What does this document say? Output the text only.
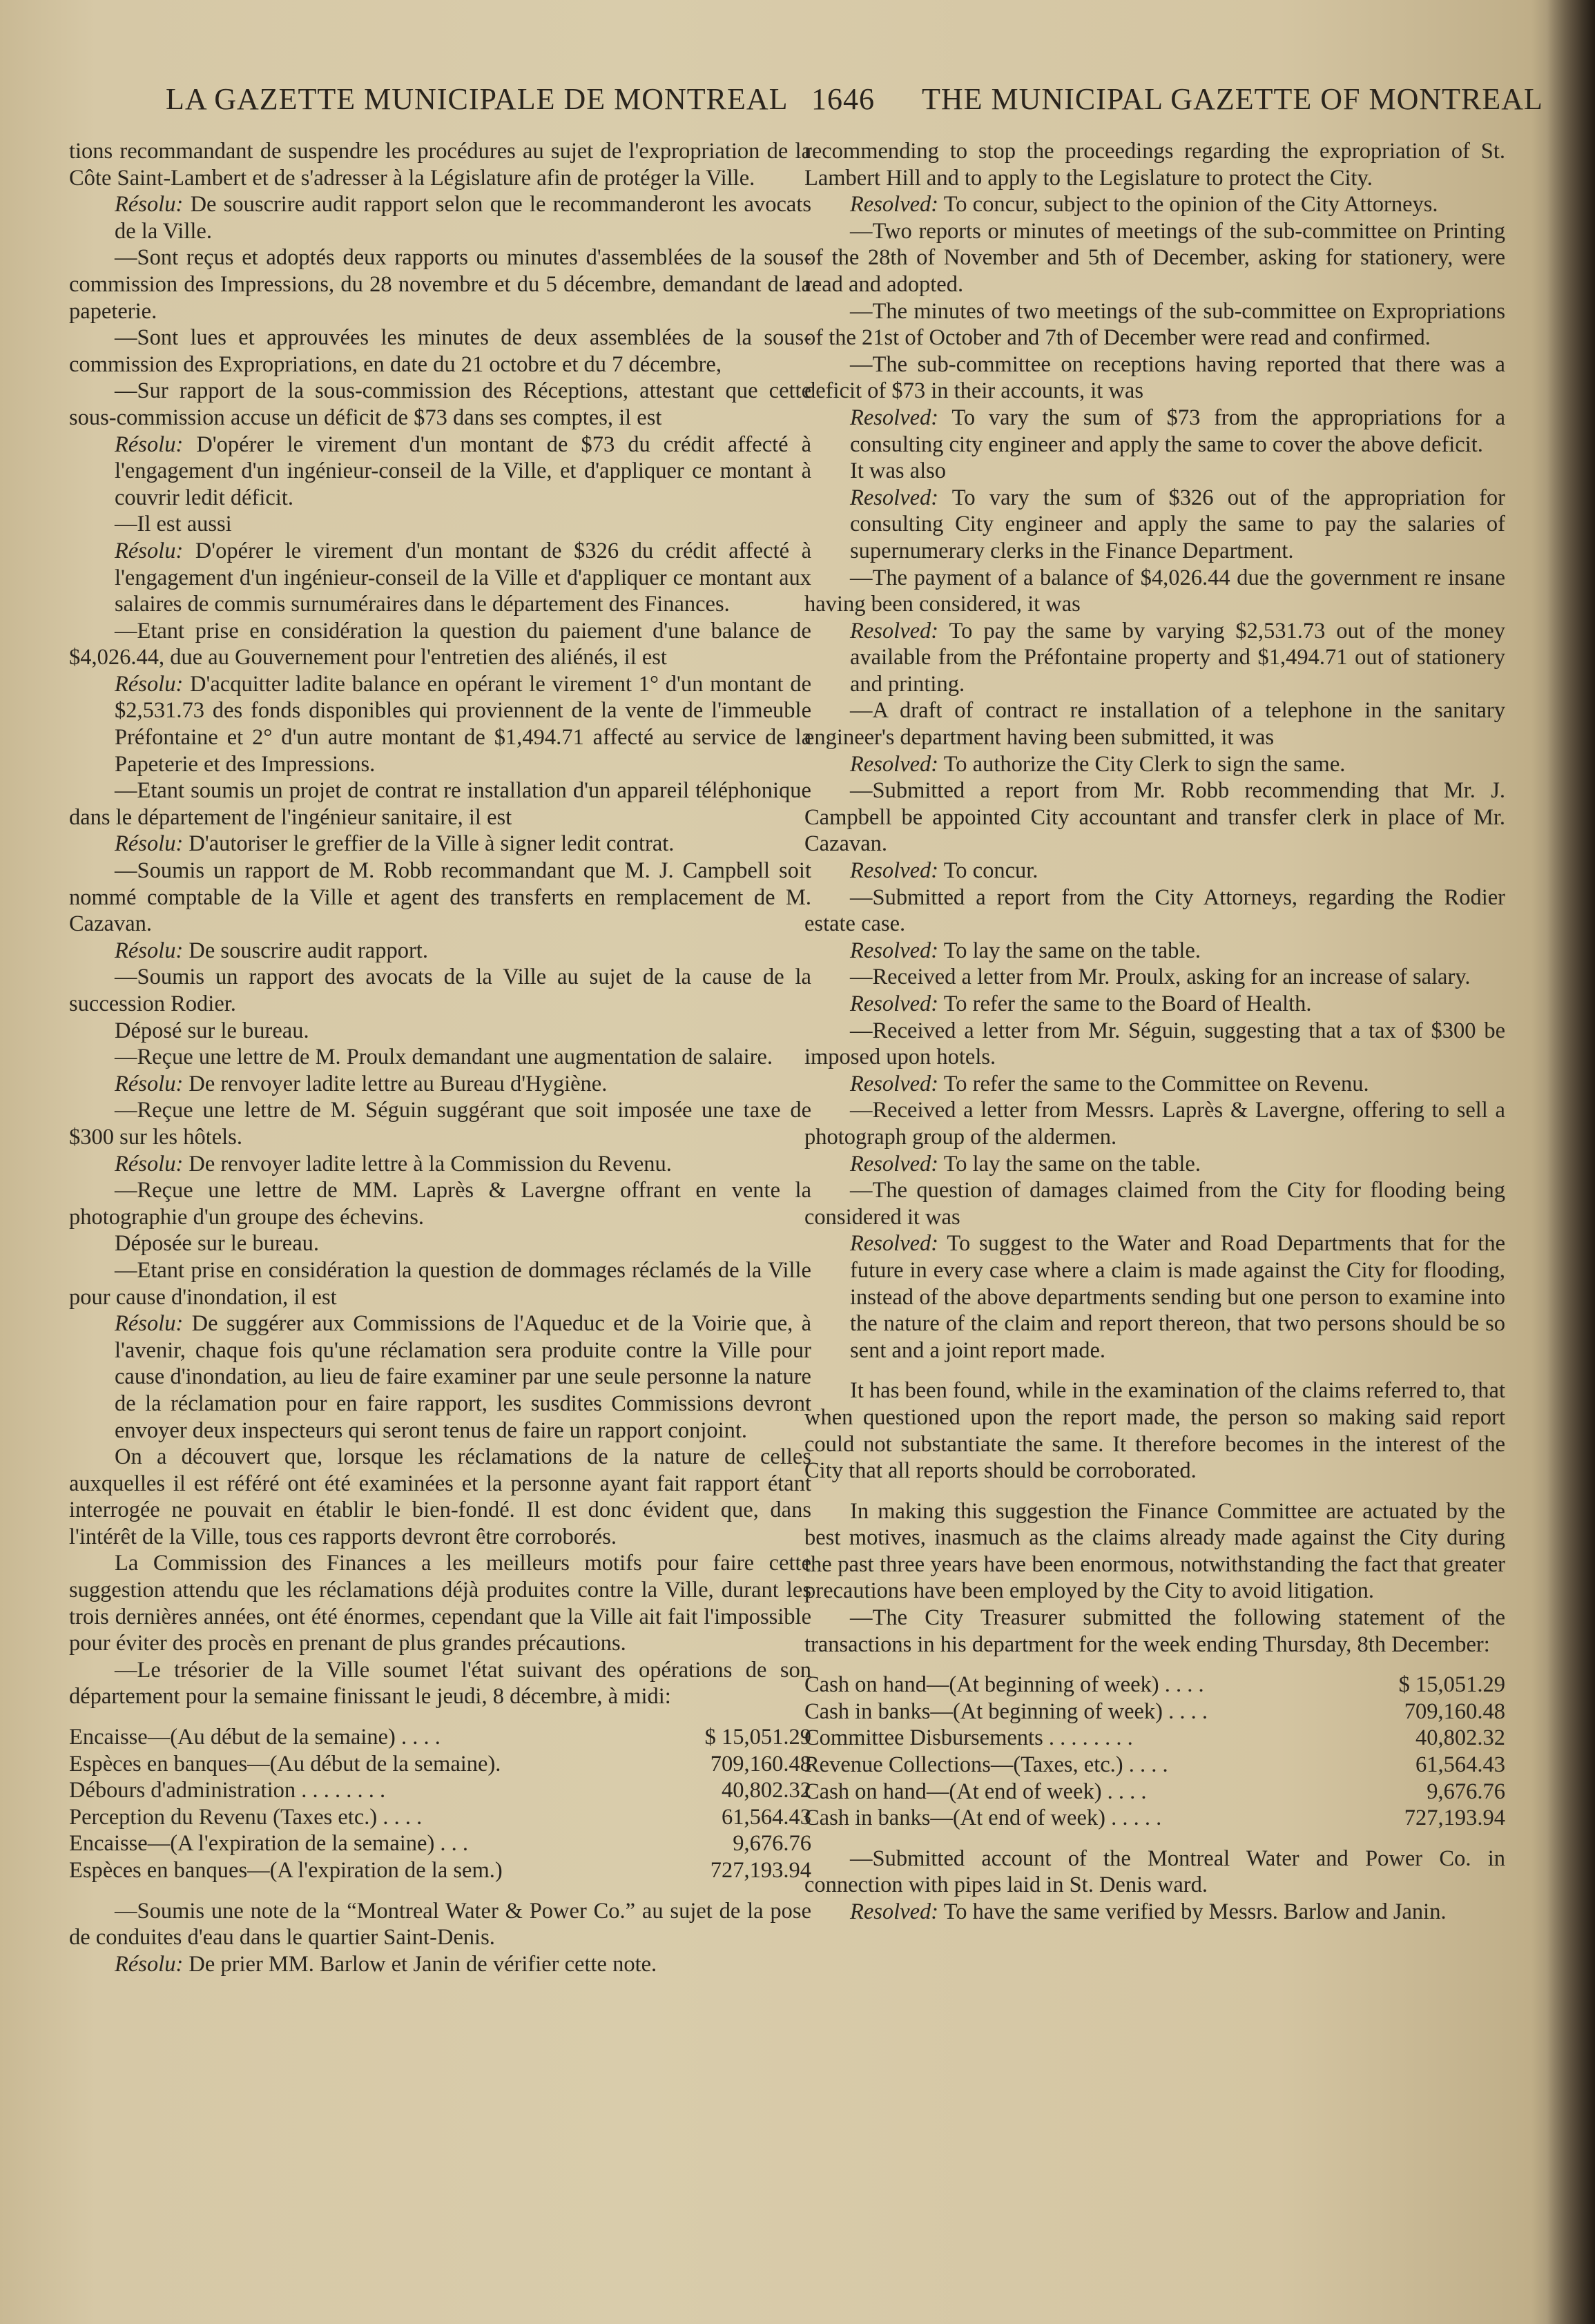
LA GAZETTE MUNICIPALE DE MONTREAL 1646 THE MUNICIPAL GAZETTE OF MONTREAL

tions recommandant de suspendre les procédures au sujet de l'expropriation de la Côte Saint-Lambert et de s'adresser à la Législature afin de protéger la Ville.

Résolu: De souscrire audit rapport selon que le recommanderont les avocats de la Ville.

—Sont reçus et adoptés deux rapports ou minutes d'assemblées de la sous-commission des Impressions, du 28 novembre et du 5 décembre, demandant de la papeterie.

—Sont lues et approuvées les minutes de deux assemblées de la sous-commission des Expropriations, en date du 21 octobre et du 7 décembre,

—Sur rapport de la sous-commission des Réceptions, attestant que cette sous-commission accuse un déficit de $73 dans ses comptes, il est

Résolu: D'opérer le virement d'un montant de $73 du crédit affecté à l'engagement d'un ingénieur-conseil de la Ville, et d'appliquer ce montant à couvrir ledit déficit.

—Il est aussi

Résolu: D'opérer le virement d'un montant de $326 du crédit affecté à l'engagement d'un ingénieur-conseil de la Ville et d'appliquer ce montant aux salaires de commis surnuméraires dans le département des Finances.

—Etant prise en considération la question du paiement d'une balance de $4,026.44, due au Gouvernement pour l'entretien des aliénés, il est

Résolu: D'acquitter ladite balance en opérant le virement 1° d'un montant de $2,531.73 des fonds disponibles qui proviennent de la vente de l'immeuble Préfontaine et 2° d'un autre montant de $1,494.71 affecté au service de la Papeterie et des Impressions.

—Etant soumis un projet de contrat re installation d'un appareil téléphonique dans le département de l'ingénieur sanitaire, il est

Résolu: D'autoriser le greffier de la Ville à signer ledit contrat.

—Soumis un rapport de M. Robb recommandant que M. J. Campbell soit nommé comptable de la Ville et agent des transferts en remplacement de M. Cazavan.

Résolu: De souscrire audit rapport.

—Soumis un rapport des avocats de la Ville au sujet de la cause de la succession Rodier.

Déposé sur le bureau.

—Reçue une lettre de M. Proulx demandant une augmentation de salaire.

Résolu: De renvoyer ladite lettre au Bureau d'Hygiène.

—Reçue une lettre de M. Séguin suggérant que soit imposée une taxe de $300 sur les hôtels.

Résolu: De renvoyer ladite lettre à la Commission du Revenu.

—Reçue une lettre de MM. Laprès & Lavergne offrant en vente la photographie d'un groupe des échevins.

Déposée sur le bureau.

—Etant prise en considération la question de dommages réclamés de la Ville pour cause d'inondation, il est

Résolu: De suggérer aux Commissions de l'Aqueduc et de la Voirie que, à l'avenir, chaque fois qu'une réclamation sera produite contre la Ville pour cause d'inondation, au lieu de faire examiner par une seule personne la nature de la réclamation pour en faire rapport, les susdites Commissions devront envoyer deux inspecteurs qui seront tenus de faire un rapport conjoint.

On a découvert que, lorsque les réclamations de la nature de celles auxquelles il est référé ont été examinées et la personne ayant fait rapport étant interrogée ne pouvait en établir le bien-fondé. Il est donc évident que, dans l'intérêt de la Ville, tous ces rapports devront être corroborés.

La Commission des Finances a les meilleurs motifs pour faire cette suggestion attendu que les réclamations déjà produites contre la Ville, durant les trois dernières années, ont été énormes, cependant que la Ville ait fait l'impossible pour éviter des procès en prenant de plus grandes précautions.

—Le trésorier de la Ville soumet l'état suivant des opérations de son département pour la semaine finissant le jeudi, 8 décembre, à midi:

Encaisse—(Au début de la semaine) . . . .	$ 15,051.29
Espèces en banques—(Au début de la semaine).	709,160.48
Débours d'administration . . . . . . . .	40,802.32
Perception du Revenu (Taxes etc.) . . . .	61,564.43
Encaisse—(A l'expiration de la semaine) . . .	9,676.76
Espèces en banques—(A l'expiration de la sem.)	727,193.94

—Soumis une note de la “Montreal Water & Power Co.” au sujet de la pose de conduites d'eau dans le quartier Saint-Denis.

Résolu: De prier MM. Barlow et Janin de vérifier cette note.

recommending to stop the proceedings regarding the expropriation of St. Lambert Hill and to apply to the Legislature to protect the City.

Resolved: To concur, subject to the opinion of the City Attorneys.

—Two reports or minutes of meetings of the sub-committee on Printing of the 28th of November and 5th of December, asking for stationery, were read and adopted.

—The minutes of two meetings of the sub-committee on Expropriations of the 21st of October and 7th of December were read and confirmed.

—The sub-committee on receptions having reported that there was a deficit of $73 in their accounts, it was

Resolved: To vary the sum of $73 from the appropriations for a consulting city engineer and apply the same to cover the above deficit.

It was also

Resolved: To vary the sum of $326 out of the appropriation for consulting City engineer and apply the same to pay the salaries of supernumerary clerks in the Finance Department.

—The payment of a balance of $4,026.44 due the government re insane having been considered, it was

Resolved: To pay the same by varying $2,531.73 out of the money available from the Préfontaine property and $1,494.71 out of stationery and printing.

—A draft of contract re installation of a telephone in the sanitary engineer's department having been submitted, it was

Resolved: To authorize the City Clerk to sign the same.

—Submitted a report from Mr. Robb recommending that Mr. J. Campbell be appointed City accountant and transfer clerk in place of Mr. Cazavan.

Resolved: To concur.

—Submitted a report from the City Attorneys, regarding the Rodier estate case.

Resolved: To lay the same on the table.

—Received a letter from Mr. Proulx, asking for an increase of salary.

Resolved: To refer the same to the Board of Health.

—Received a letter from Mr. Séguin, suggesting that a tax of $300 be imposed upon hotels.

Resolved: To refer the same to the Committee on Revenu.

—Received a letter from Messrs. Laprès & Lavergne, offering to sell a photograph group of the aldermen.

Resolved: To lay the same on the table.

—The question of damages claimed from the City for flooding being considered it was

Resolved: To suggest to the Water and Road Departments that for the future in every case where a claim is made against the City for flooding, instead of the above departments sending but one person to examine into the nature of the claim and report thereon, that two persons should be so sent and a joint report made.

It has been found, while in the examination of the claims referred to, that when questioned upon the report made, the person so making said report could not substantiate the same. It therefore becomes in the interest of the City that all reports should be corroborated.

In making this suggestion the Finance Committee are actuated by the best motives, inasmuch as the claims already made against the City during the past three years have been enormous, notwithstanding the fact that greater precautions have been employed by the City to avoid litigation.

—The City Treasurer submitted the following statement of the transactions in his department for the week ending Thursday, 8th December:

Cash on hand—(At beginning of week) . . . .	$ 15,051.29
Cash in banks—(At beginning of week) . . . .	709,160.48
Committee Disbursements . . . . . . . .	40,802.32
Revenue Collections—(Taxes, etc.) . . . .	61,564.43
Cash on hand—(At end of week) . . . .	9,676.76
Cash in banks—(At end of week) . . . . .	727,193.94

—Submitted account of the Montreal Water and Power Co. in connection with pipes laid in St. Denis ward.

Resolved: To have the same verified by Messrs. Barlow and Janin.
